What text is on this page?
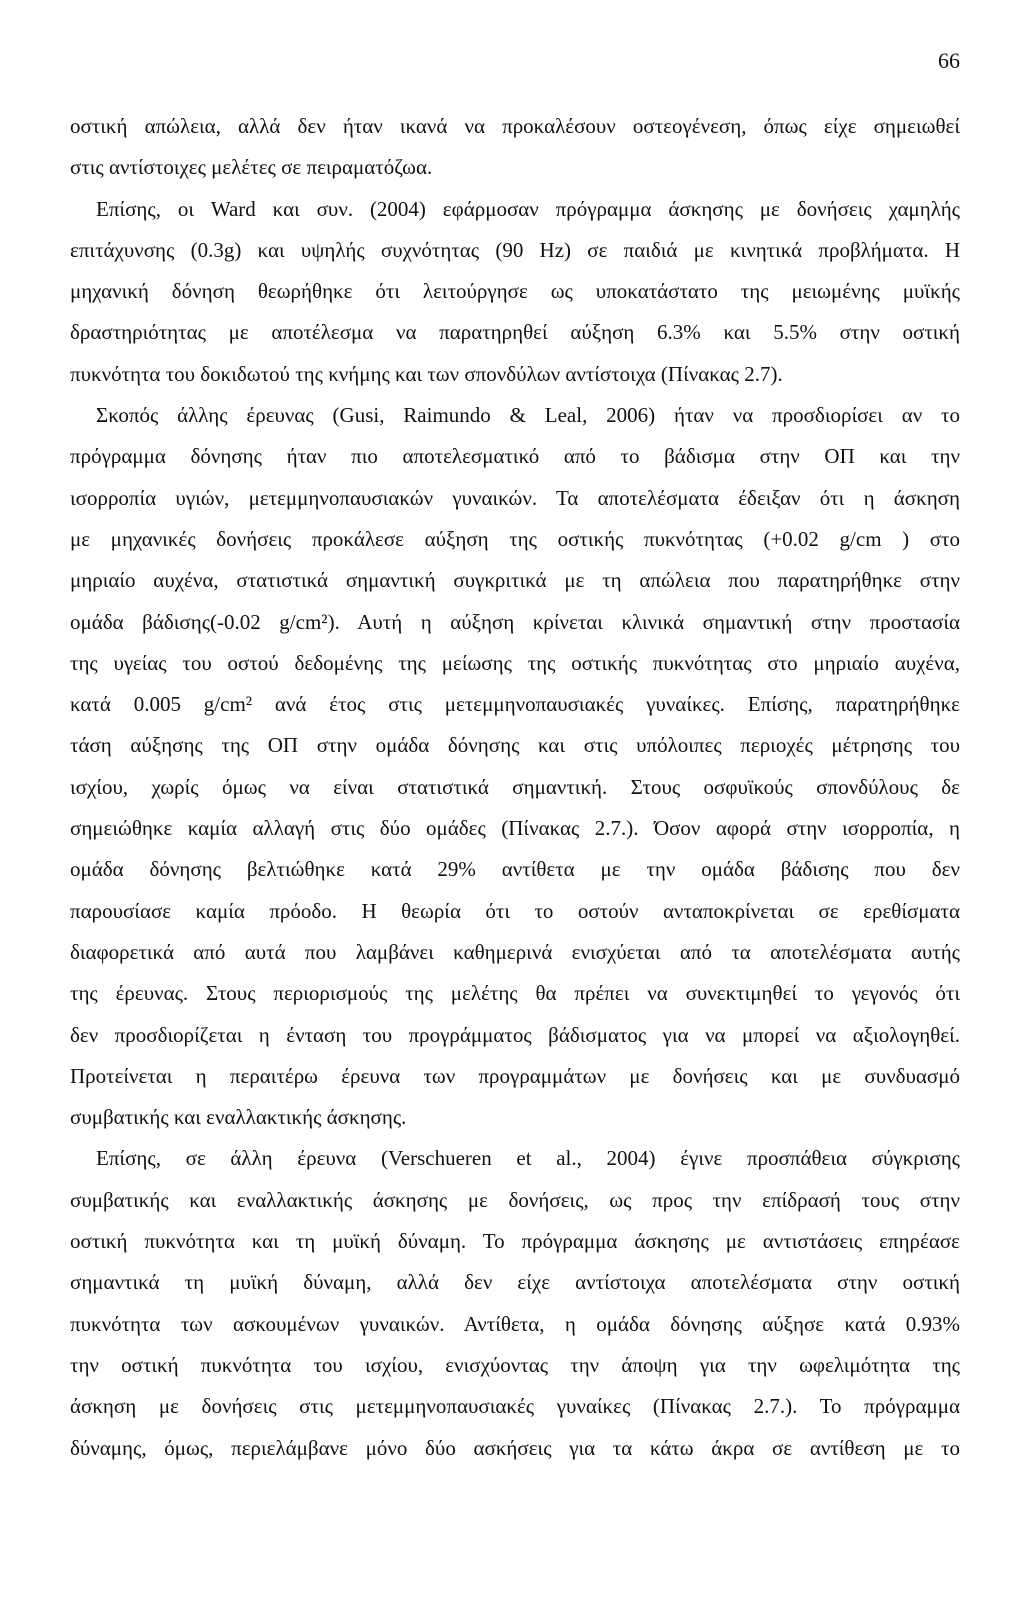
66
οστική απώλεια, αλλά δεν ήταν ικανά να προκαλέσουν οστεογένεση, όπως είχε σημειωθεί
στις αντίστοιχες μελέτες σε πειραματόζωα.
Επίσης, οι Ward και συν. (2004) εφάρμοσαν πρόγραμμα άσκησης με δονήσεις χαμηλής
επιτάχυνσης (0.3g) και υψηλής συχνότητας (90 Hz) σε παιδιά με κινητικά προβλήματα. Η
μηχανική δόνηση θεωρήθηκε ότι λειτούργησε ως υποκατάστατο της μειωμένης μυϊκής
δραστηριότητας με αποτέλεσμα να παρατηρηθεί αύξηση 6.3% και 5.5% στην οστική
πυκνότητα του δοκιδωτού της κνήμης και των σπονδύλων αντίστοιχα (Πίνακας 2.7).
Σκοπός άλλης έρευνας (Gusi, Raimundo & Leal, 2006) ήταν να προσδιορίσει αν το
πρόγραμμα δόνησης ήταν πιο αποτελεσματικό από το βάδισμα στην ΟΠ και την
ισορροπία υγιών, μετεμμηνοπαυσιακών γυναικών. Τα αποτελέσματα έδειξαν ότι η άσκηση
με μηχανικές δονήσεις προκάλεσε αύξηση της οστικής πυκνότητας (+0.02 g/cm ) στο
μηριαίο αυχένα, στατιστικά σημαντική συγκριτικά με τη απώλεια που παρατηρήθηκε στην
ομάδα βάδισης(-0.02 g/cm²). Αυτή η αύξηση κρίνεται κλινικά σημαντική στην προστασία
της υγείας του οστού δεδομένης της μείωσης της οστικής πυκνότητας στο μηριαίο αυχένα,
κατά 0.005 g/cm² ανά έτος στις μετεμμηνοπαυσιακές γυναίκες. Επίσης, παρατηρήθηκε
τάση αύξησης της ΟΠ στην ομάδα δόνησης και στις υπόλοιπες περιοχές μέτρησης του
ισχίου, χωρίς όμως να είναι στατιστικά σημαντική. Στους οσφυϊκούς σπονδύλους δε
σημειώθηκε καμία αλλαγή στις δύο ομάδες (Πίνακας 2.7.). Όσον αφορά στην ισορροπία, η
ομάδα δόνησης βελτιώθηκε κατά 29% αντίθετα με την ομάδα βάδισης που δεν
παρουσίασε καμία πρόοδο. Η θεωρία ότι το οστούν ανταποκρίνεται σε ερεθίσματα
διαφορετικά από αυτά που λαμβάνει καθημερινά ενισχύεται από τα αποτελέσματα αυτής
της έρευνας. Στους περιορισμούς της μελέτης θα πρέπει να συνεκτιμηθεί το γεγονός ότι
δεν προσδιορίζεται η ένταση του προγράμματος βάδισματος για να μπορεί να αξιολογηθεί.
Προτείνεται η περαιτέρω έρευνα των προγραμμάτων με δονήσεις και με συνδυασμό
συμβατικής και εναλλακτικής άσκησης.
Επίσης, σε άλλη έρευνα (Verschueren et al., 2004) έγινε προσπάθεια σύγκρισης
συμβατικής και εναλλακτικής άσκησης με δονήσεις, ως προς την επίδρασή τους στην
οστική πυκνότητα και τη μυϊκή δύναμη. Το πρόγραμμα άσκησης με αντιστάσεις επηρέασε
σημαντικά τη μυϊκή δύναμη, αλλά δεν είχε αντίστοιχα αποτελέσματα στην οστική
πυκνότητα των ασκουμένων γυναικών. Αντίθετα, η ομάδα δόνησης αύξησε κατά 0.93%
την οστική πυκνότητα του ισχίου, ενισχύοντας την άποψη για την ωφελιμότητα της
άσκηση με δονήσεις στις μετεμμηνοπαυσιακές γυναίκες (Πίνακας 2.7.). Το πρόγραμμα
δύναμης, όμως, περιελάμβανε μόνο δύο ασκήσεις για τα κάτω άκρα σε αντίθεση με το
